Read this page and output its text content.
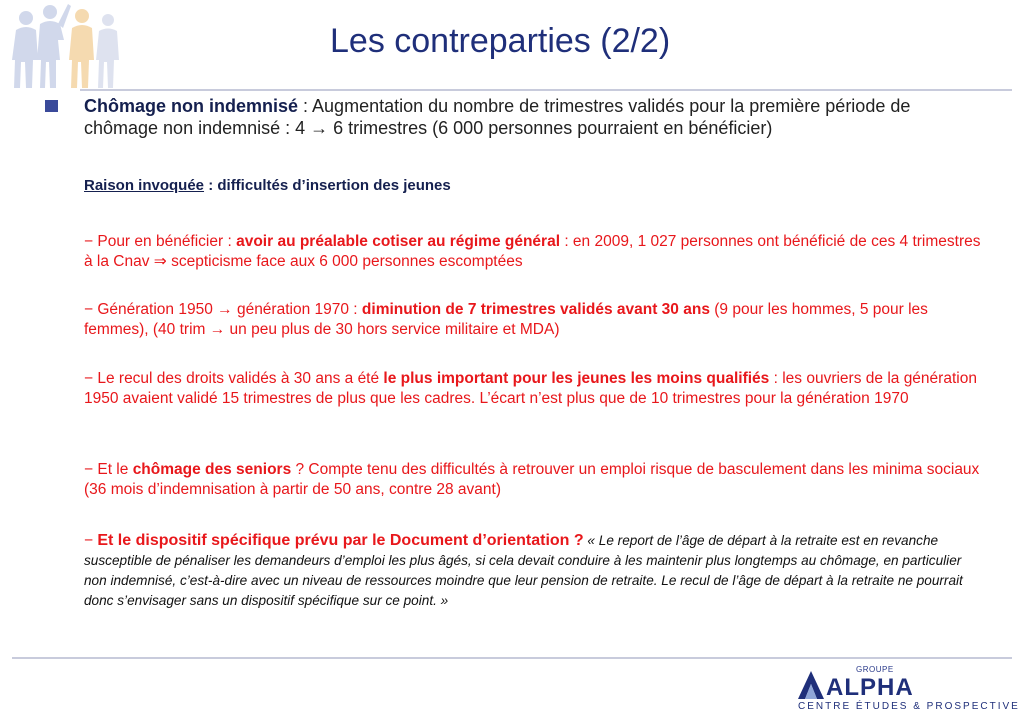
Les contreparties (2/2)
Chômage non indemnisé : Augmentation du nombre de trimestres validés pour la première période de chômage non indemnisé : 4 → 6 trimestres (6 000 personnes pourraient en bénéficier)
Raison invoquée : difficultés d’insertion des jeunes
− Pour en bénéficier : avoir au préalable cotiser au régime général : en 2009, 1 027 personnes ont bénéficié de ces 4 trimestres à la Cnav ⇒ scepticisme face aux 6 000 personnes escomptées
− Génération 1950 → génération 1970 : diminution de 7 trimestres validés avant 30 ans (9 pour les hommes, 5 pour les femmes), (40 trim → un peu plus de 30 hors service militaire et MDA)
− Le recul des droits validés à 30 ans a été le plus important pour les jeunes les moins qualifiés : les ouvriers de la génération 1950 avaient validé 15 trimestres de plus que les cadres. L’écart n’est plus que de 10 trimestres pour la génération 1970
− Et le chômage des seniors ? Compte tenu des difficultés à retrouver un emploi risque de basculement dans les minima sociaux (36 mois d’indemnisation à partir de 50 ans, contre 28 avant)
− Et le dispositif spécifique prévu par le Document d’orientation ? « Le report de l’âge de départ à la retraite est en revanche susceptible de pénaliser les demandeurs d’emploi les plus âgés, si cela devait conduire à les maintenir plus longtemps au chômage, en particulier non indemnisé, c’est-à-dire avec un niveau de ressources moindre que leur pension de retraite. Le recul de l’âge de départ à la retraite ne pourrait donc s’envisager sans un dispositif spécifique sur ce point. »
GROUPE
ALPHA
CENTRE ÉTUDES & PROSPECTIVE
